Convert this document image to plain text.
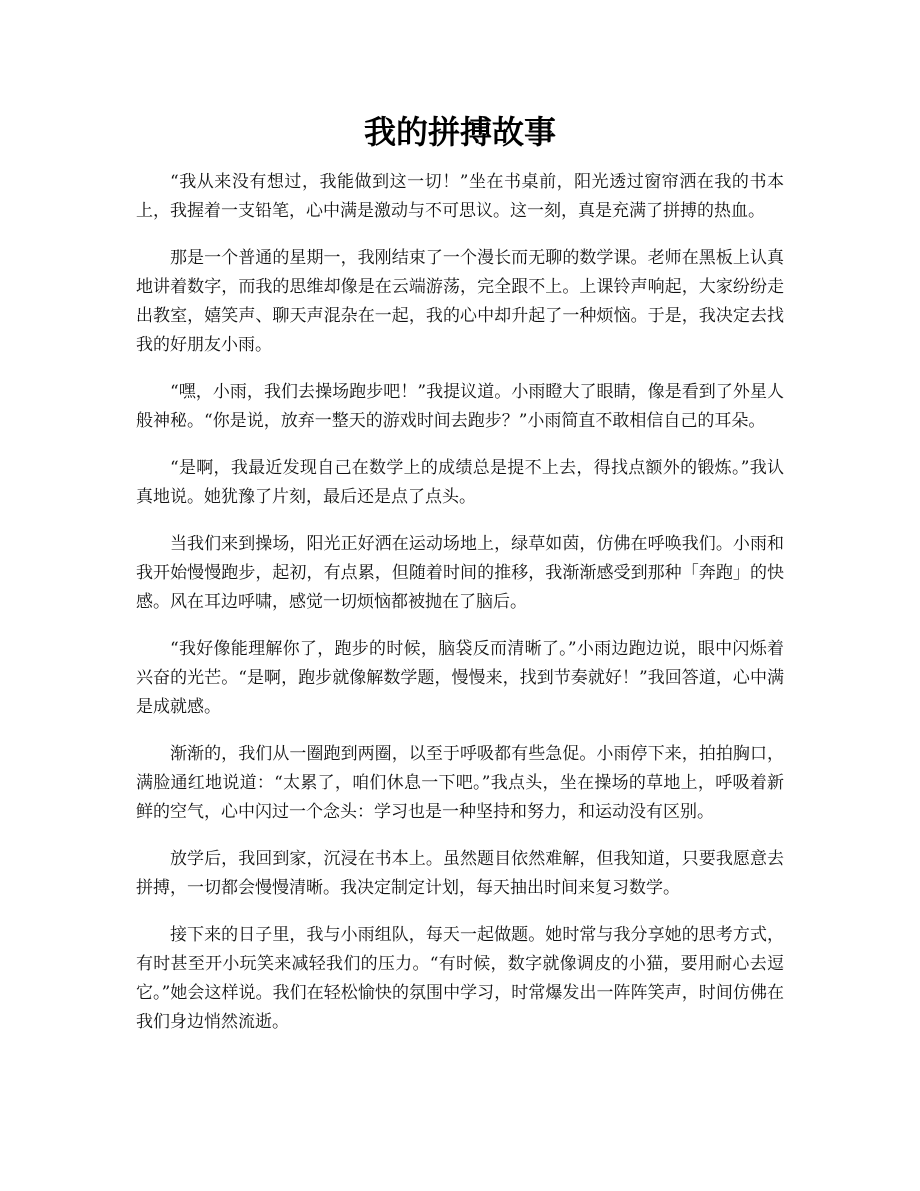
我的拼搏故事

“我从来没有想过，我能做到这一切！”坐在书桌前，阳光透过窗帘洒在我的书本上，我握着一支铅笔，心中满是激动与不可思议。这一刻，真是充满了拼搏的热血。

那是一个普通的星期一，我刚结束了一个漫长而无聊的数学课。老师在黑板上认真地讲着数字，而我的思维却像是在云端游荡，完全跟不上。上课铃声响起，大家纷纷走出教室，嬉笑声、聊天声混杂在一起，我的心中却升起了一种烦恼。于是，我决定去找我的好朋友小雨。

“嘿，小雨，我们去操场跑步吧！”我提议道。小雨瞪大了眼睛，像是看到了外星人般神秘。“你是说，放弃一整天的游戏时间去跑步？”小雨简直不敢相信自己的耳朵。

“是啊，我最近发现自己在数学上的成绩总是提不上去，得找点额外的锻炼。”我认真地说。她犹豫了片刻，最后还是点了点头。

当我们来到操场，阳光正好洒在运动场地上，绿草如茵，仿佛在呼唤我们。小雨和我开始慢慢跑步，起初，有点累，但随着时间的推移，我渐渐感受到那种「奔跑」的快感。风在耳边呼啸，感觉一切烦恼都被抛在了脑后。

“我好像能理解你了，跑步的时候，脑袋反而清晰了。”小雨边跑边说，眼中闪烁着兴奋的光芒。“是啊，跑步就像解数学题，慢慢来，找到节奏就好！”我回答道，心中满是成就感。

渐渐的，我们从一圈跑到两圈，以至于呼吸都有些急促。小雨停下来，拍拍胸口，满脸通红地说道：“太累了，咱们休息一下吧。”我点头，坐在操场的草地上，呼吸着新鲜的空气，心中闪过一个念头：学习也是一种坚持和努力，和运动没有区别。

放学后，我回到家，沉浸在书本上。虽然题目依然难解，但我知道，只要我愿意去拼搏，一切都会慢慢清晰。我决定制定计划，每天抽出时间来复习数学。

接下来的日子里，我与小雨组队，每天一起做题。她时常与我分享她的思考方式，有时甚至开小玩笑来减轻我们的压力。“有时候，数字就像调皮的小猫，要用耐心去逗它。”她会这样说。我们在轻松愉快的氛围中学习，时常爆发出一阵阵笑声，时间仿佛在我们身边悄然流逝。
